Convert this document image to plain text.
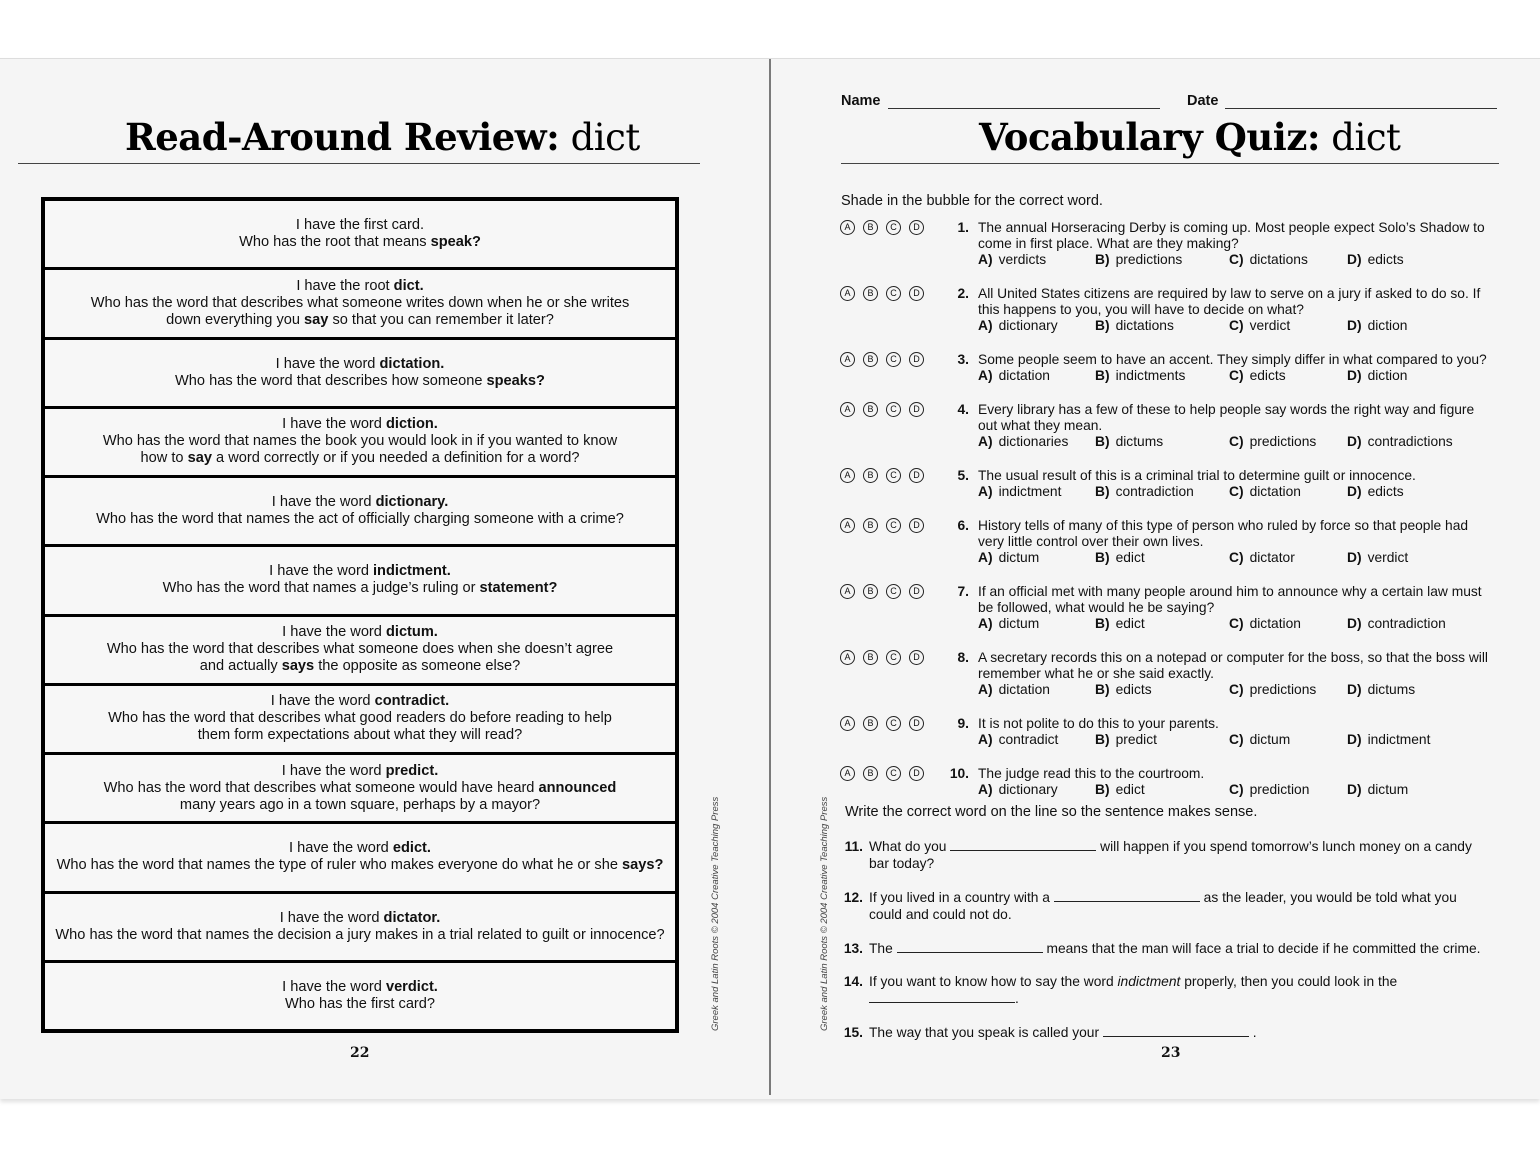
Read-Around Review: dict
I have the first card.
Who has the root that means speak?
I have the root dict.
Who has the word that describes what someone writes down when he or she writes
down everything you say so that you can remember it later?
I have the word dictation.
Who has the word that describes how someone speaks?
I have the word diction.
Who has the word that names the book you would look in if you wanted to know
how to say a word correctly or if you needed a definition for a word?
I have the word dictionary.
Who has the word that names the act of officially charging someone with a crime?
I have the word indictment.
Who has the word that names a judge’s ruling or statement?
I have the word dictum.
Who has the word that describes what someone does when she doesn’t agree
and actually says the opposite as someone else?
I have the word contradict.
Who has the word that describes what good readers do before reading to help
them form expectations about what they will read?
I have the word predict.
Who has the word that describes what someone would have heard announced
many years ago in a town square, perhaps by a mayor?
I have the word edict.
Who has the word that names the type of ruler who makes everyone do what he or she says?
I have the word dictator.
Who has the word that names the decision a jury makes in a trial related to guilt or innocence?
I have the word verdict.
Who has the first card?	Greek and Latin Roots © 2004 Creative Teaching Press
22
Name	Date
Vocabulary Quiz: dict
Shade in the bubble for the correct word.
A	B	C	D	1. The annual Horseracing Derby is coming up. Most people expect Solo’s Shadow to come in first place. What are they making?
A) verdicts	B) predictions	C) dictations	D) edicts
A	B	C	D	2. All United States citizens are required by law to serve on a jury if asked to do so. If this happens to you, you will have to decide on what?
A) dictionary	B) dictations	C) verdict	D) diction
A	B	C	D	3. Some people seem to have an accent. They simply differ in what compared to you?
A) dictation	B) indictments	C) edicts	D) diction
A	B	C	D	4. Every library has a few of these to help people say words the right way and figure out what they mean.
A) dictionaries B) dictums	C) predictions D) contradictions
A	B	C	D	5. The usual result of this is a criminal trial to determine guilt or innocence.
A) indictment B) contradiction	C) dictation	D) edicts
A	B	C	D	6. History tells of many of this type of person who ruled by force so that people had very little control over their own lives.
A) dictum	B) edict	C) dictator	D) verdict
A	B	C	D	7. If an official met with many people around him to announce why a certain law must be followed, what would he be saying?
A) dictum	B) edict	C) dictation	D) contradiction
A	B	C	D	8. A secretary records this on a notepad or computer for the boss, so that the boss will remember what he or she said exactly.
A) dictation	B) edicts	C) predictions D) dictums
A	B	C	D	9. It is not polite to do this to your parents.
A) contradict	B) predict	C) dictum	D) indictment
A	B	C	D	10. The judge read this to the courtroom.
A) dictionary	B) edict	C) prediction	D) dictum
Write the correct word on the line so the sentence makes sense.
11. What do you	will happen if you spend tomorrow’s lunch money on a candy bar today?
12. If you lived in a country with a	as the leader, you would be told what you could and could not do.
13. The	means that the man will face a trial to decide if he committed the crime.
14. If you want to know how to say the word indictment properly, then you could look in the
.
15. The way that you speak is called your	.
Greek and Latin Roots © 2004 Creative Teaching Press
23
